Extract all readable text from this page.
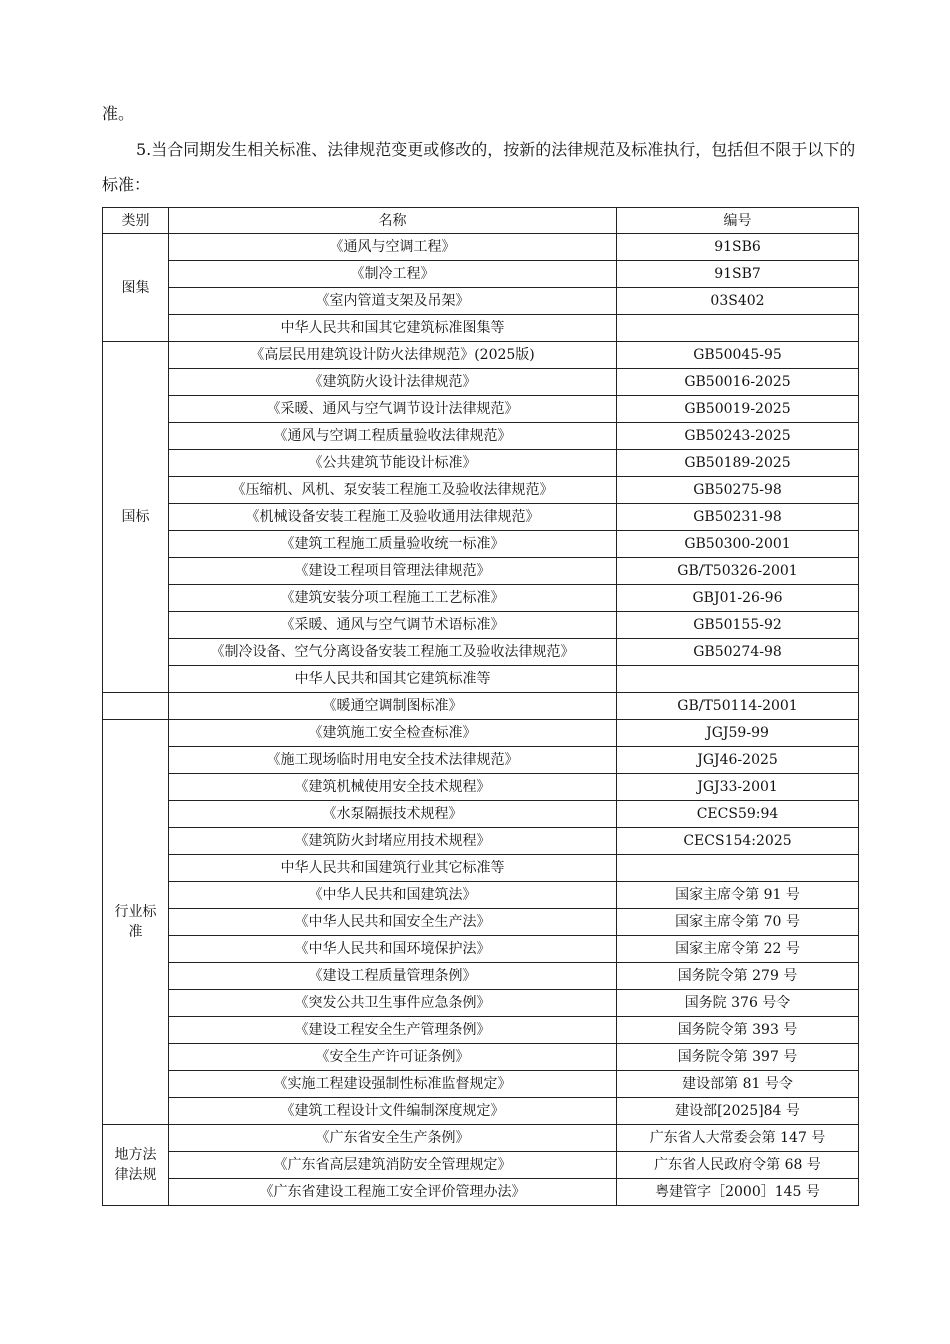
准。

5.当合同期发生相关标准、法律规范变更或修改的，按新的法律规范及标准执行，包括但不限于以下的标准：

类别	名称	编号
图集	《通风与空调工程》	91SB6
	《制冷工程》	91SB7
	《室内管道支架及吊架》	03S402
	中华人民共和国其它建筑标准图集等	
国标	《高层民用建筑设计防火法律规范》(2025版)	GB50045-95
	《建筑防火设计法律规范》	GB50016-2025
	《采暖、通风与空气调节设计法律规范》	GB50019-2025
	《通风与空调工程质量验收法律规范》	GB50243-2025
	《公共建筑节能设计标准》	GB50189-2025
	《压缩机、风机、泵安装工程施工及验收法律规范》	GB50275-98
	《机械设备安装工程施工及验收通用法律规范》	GB50231-98
	《建筑工程施工质量验收统一标准》	GB50300-2001
	《建设工程项目管理法律规范》	GB/T50326-2001
	《建筑安装分项工程施工工艺标准》	GBJ01-26-96
	《采暖、通风与空气调节术语标准》	GB50155-92
	《制冷设备、空气分离设备安装工程施工及验收法律规范》	GB50274-98
	中华人民共和国其它建筑标准等	
	《暖通空调制图标准》	GB/T50114-2001
行业标
准	《建筑施工安全检查标准》	JGJ59-99
	《施工现场临时用电安全技术法律规范》	JGJ46-2025
	《建筑机械使用安全技术规程》	JGJ33-2001
	《水泵隔振技术规程》	CECS59:94
	《建筑防火封堵应用技术规程》	CECS154:2025
	中华人民共和国建筑行业其它标准等	
	《中华人民共和国建筑法》	国家主席令第 91 号
	《中华人民共和国安全生产法》	国家主席令第 70 号
	《中华人民共和国环境保护法》	国家主席令第 22 号
	《建设工程质量管理条例》	国务院令第 279 号
	《突发公共卫生事件应急条例》	国务院 376 号令
	《建设工程安全生产管理条例》	国务院令第 393 号
	《安全生产许可证条例》	国务院令第 397 号
	《实施工程建设强制性标准监督规定》	建设部第 81 号令
	《建筑工程设计文件编制深度规定》	建设部[2025]84 号
地方法
律法规	《广东省安全生产条例》	广东省人大常委会第 147 号
	《广东省高层建筑消防安全管理规定》	广东省人民政府令第 68 号
	《广东省建设工程施工安全评价管理办法》	粤建管字［2000］145 号
